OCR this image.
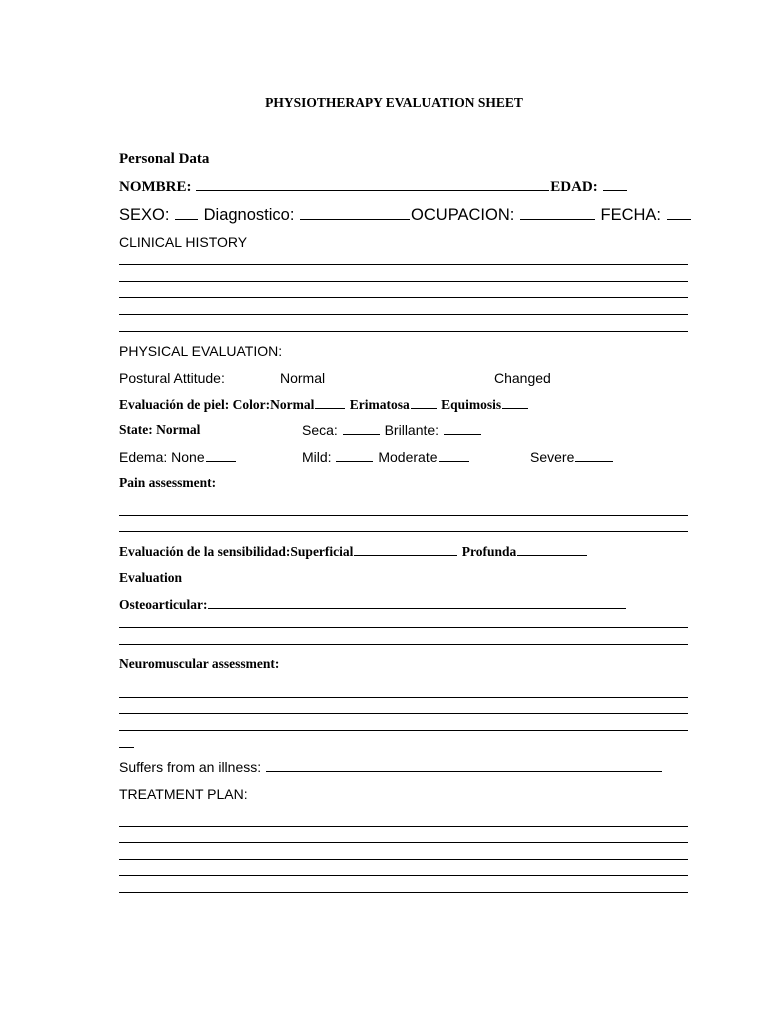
PHYSIOTHERAPY EVALUATION SHEET
Personal Data
NOMBRE:	EDAD:
SEXO: Diagnostico:	OCUPACION:	FECHA:
CLINICAL HISTORY
PHYSICAL EVALUATION:
Postural Attitude:	Normal	Changed
Evaluación de piel: Color:Normal	Erimatosa Equimosis
State: Normal	Seca:	Brillante:
Edema: None	Mild:	Moderate	Severe
Pain assessment:
Evaluación de la sensibilidad:Superficial	Profunda
Evaluation
Osteoarticular:
Neuromuscular assessment:
Suffers from an illness:
TREATMENT PLAN:
